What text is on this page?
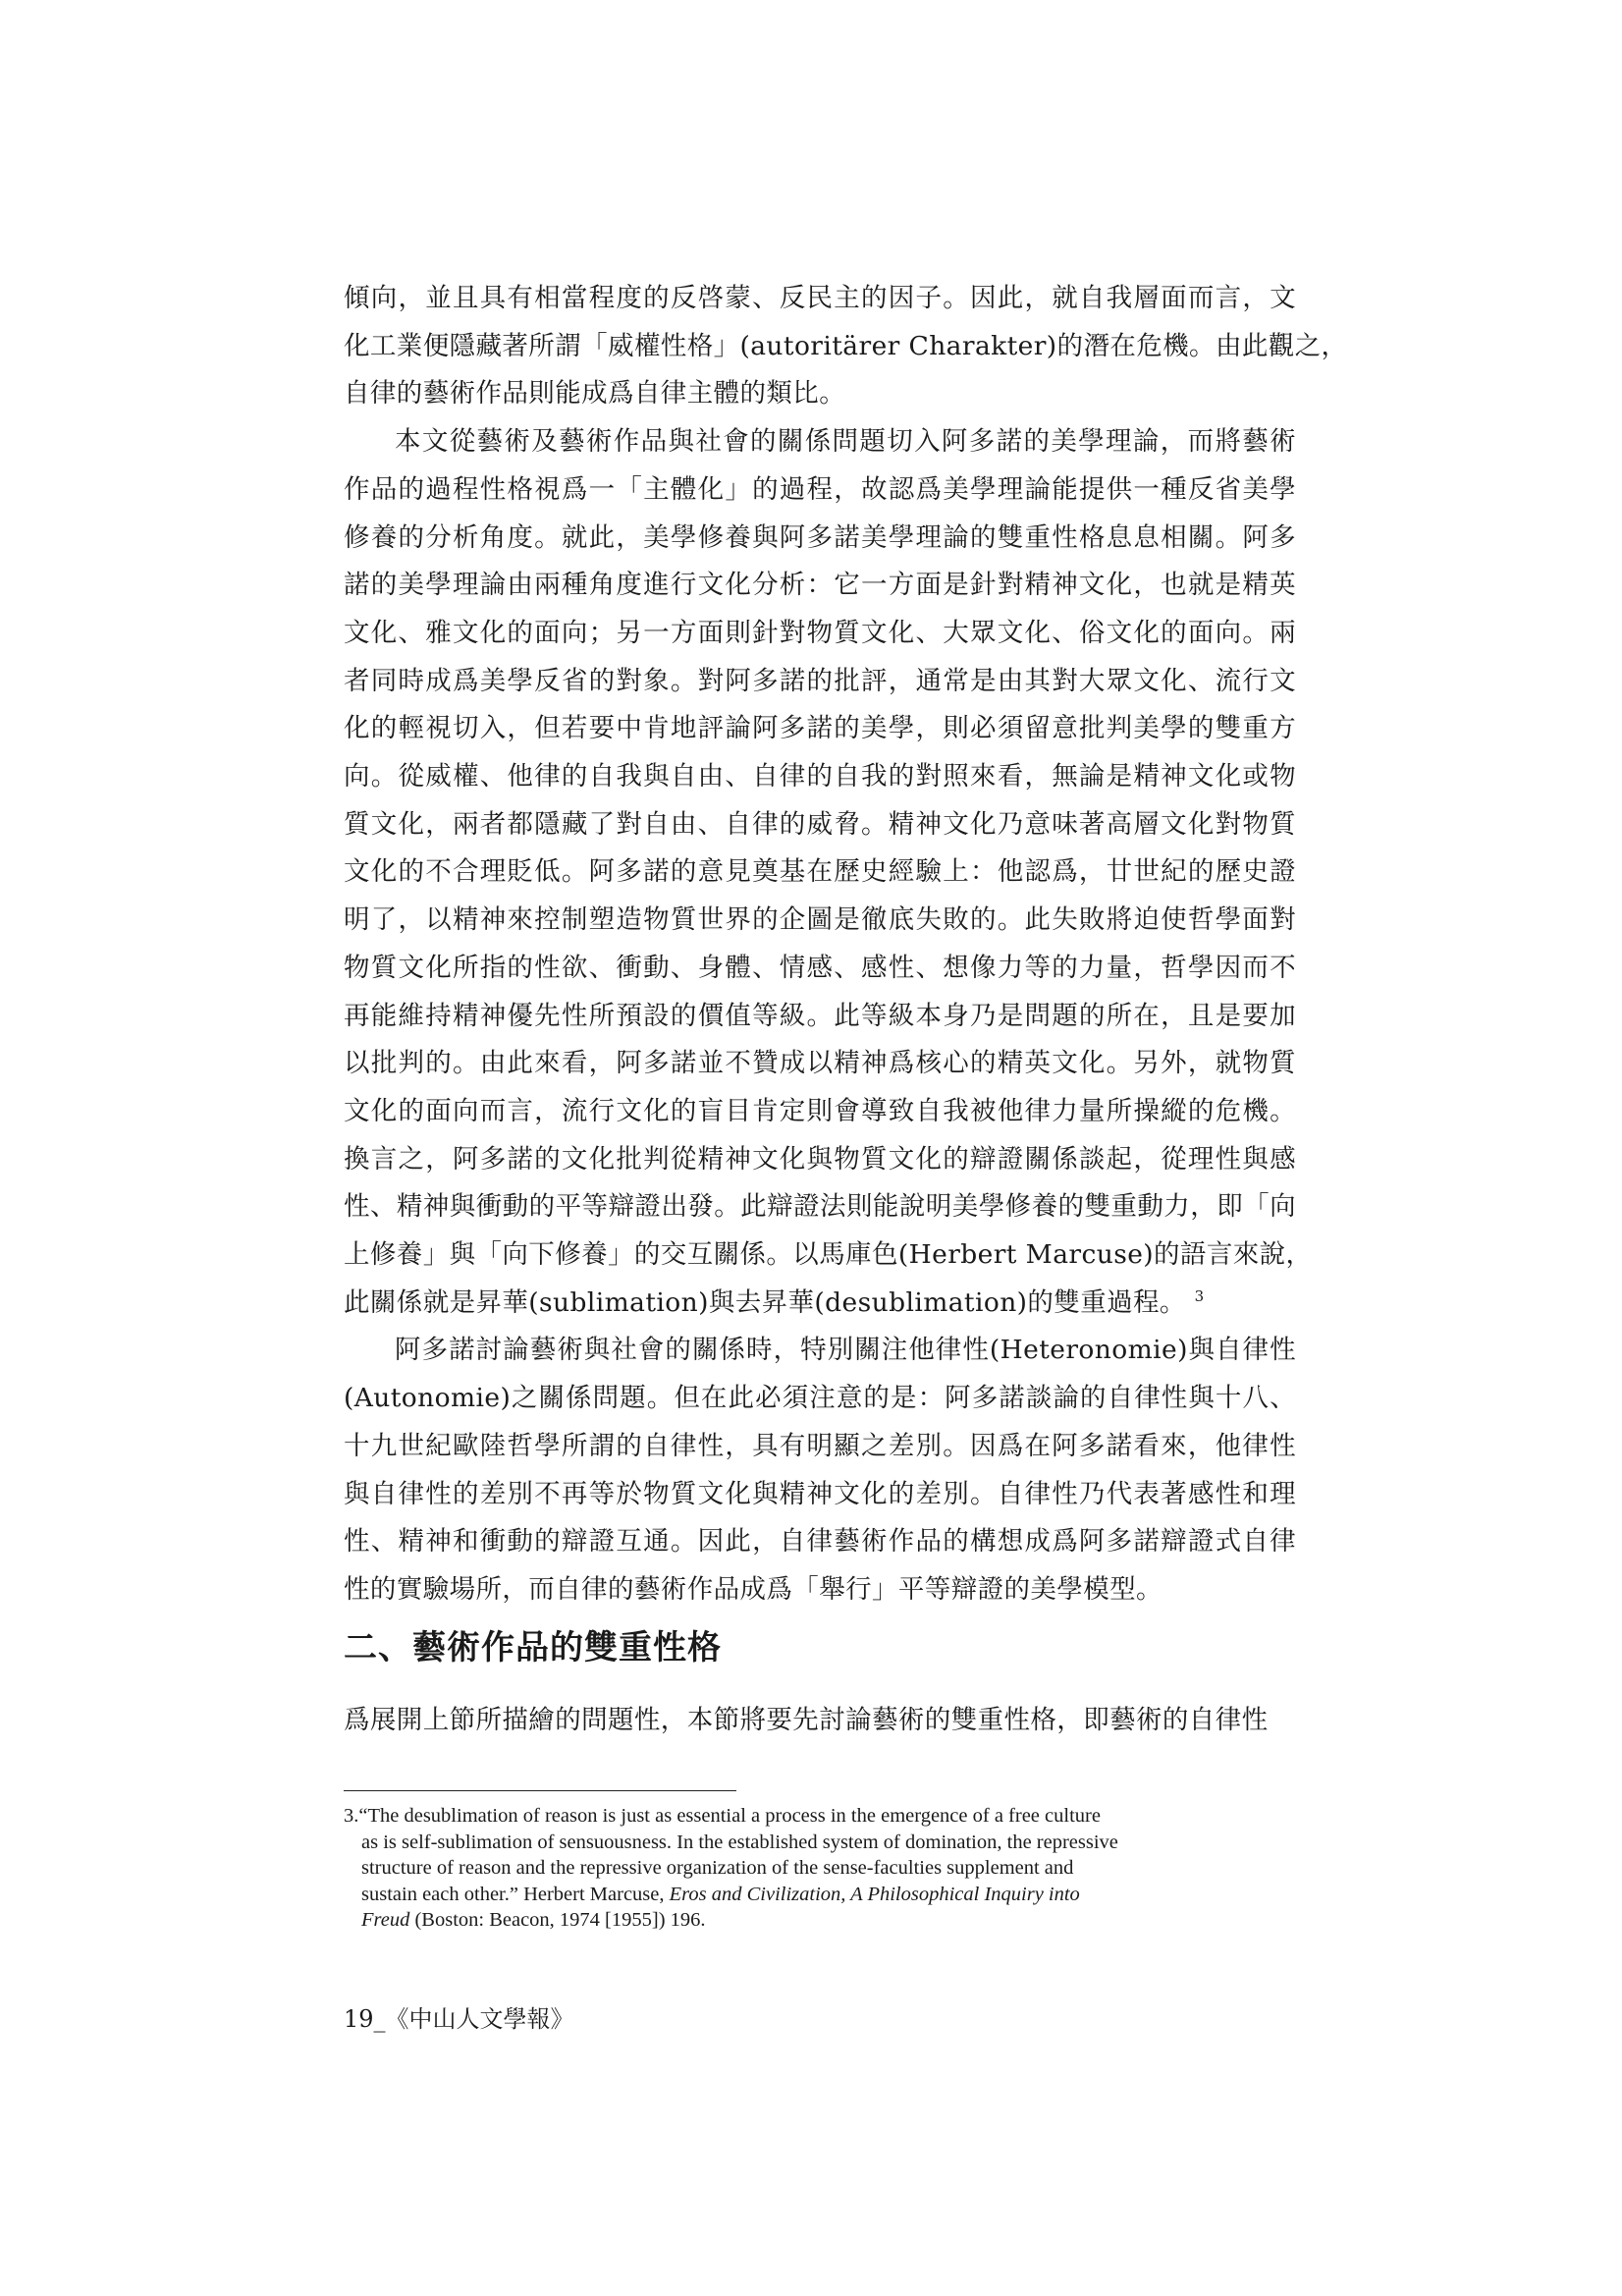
傾向，並且具有相當程度的反啓蒙、反民主的因子。因此，就自我層面而言，文
化工業便隱藏著所謂「威權性格」(autoritärer Charakter)的潛在危機。由此觀之，
自律的藝術作品則能成爲自律主體的類比。

本文從藝術及藝術作品與社會的關係問題切入阿多諾的美學理論，而將藝術
作品的過程性格視爲一「主體化」的過程，故認爲美學理論能提供一種反省美學
修養的分析角度。就此，美學修養與阿多諾美學理論的雙重性格息息相關。阿多
諾的美學理論由兩種角度進行文化分析：它一方面是針對精神文化，也就是精英
文化、雅文化的面向；另一方面則針對物質文化、大眾文化、俗文化的面向。兩
者同時成爲美學反省的對象。對阿多諾的批評，通常是由其對大眾文化、流行文
化的輕視切入，但若要中肯地評論阿多諾的美學，則必須留意批判美學的雙重方
向。從威權、他律的自我與自由、自律的自我的對照來看，無論是精神文化或物
質文化，兩者都隱藏了對自由、自律的威脅。精神文化乃意味著高層文化對物質
文化的不合理貶低。阿多諾的意見奠基在歷史經驗上：他認爲，廿世紀的歷史證
明了，以精神來控制塑造物質世界的企圖是徹底失敗的。此失敗將迫使哲學面對
物質文化所指的性欲、衝動、身體、情感、感性、想像力等的力量，哲學因而不
再能維持精神優先性所預設的價值等級。此等級本身乃是問題的所在，且是要加
以批判的。由此來看，阿多諾並不贊成以精神爲核心的精英文化。另外，就物質
文化的面向而言，流行文化的盲目肯定則會導致自我被他律力量所操縱的危機。
換言之，阿多諾的文化批判從精神文化與物質文化的辯證關係談起，從理性與感
性、精神與衝動的平等辯證出發。此辯證法則能說明美學修養的雙重動力，即「向
上修養」與「向下修養」的交互關係。以馬庫色(Herbert Marcuse)的語言來說，
此關係就是昇華(sublimation)與去昇華(desublimation)的雙重過程。 $^3$

阿多諾討論藝術與社會的關係時，特別關注他律性(Heteronomie)與自律性
(Autonomie)之關係問題。但在此必須注意的是：阿多諾談論的自律性與十八、
十九世紀歐陸哲學所謂的自律性，具有明顯之差別。因爲在阿多諾看來，他律性
與自律性的差別不再等於物質文化與精神文化的差別。自律性乃代表著感性和理
性、精神和衝動的辯證互通。因此，自律藝術作品的構想成爲阿多諾辯證式自律
性的實驗場所，而自律的藝術作品成爲「舉行」平等辯證的美學模型。

二、藝術作品的雙重性格

爲展開上節所描繪的問題性，本節將要先討論藝術的雙重性格，即藝術的自律性

3.“The desublimation of reason is just as essential a process in the emergence of a free culture
as is self-sublimation of sensuousness. In the established system of domination, the repressive
structure of reason and the repressive organization of the sense-faculties supplement and
sustain each other.” Herbert Marcuse, Eros and Civilization, A Philosophical Inquiry into
Freud (Boston: Beacon, 1974 [1955]) 196.
19_《中山人文學報》
